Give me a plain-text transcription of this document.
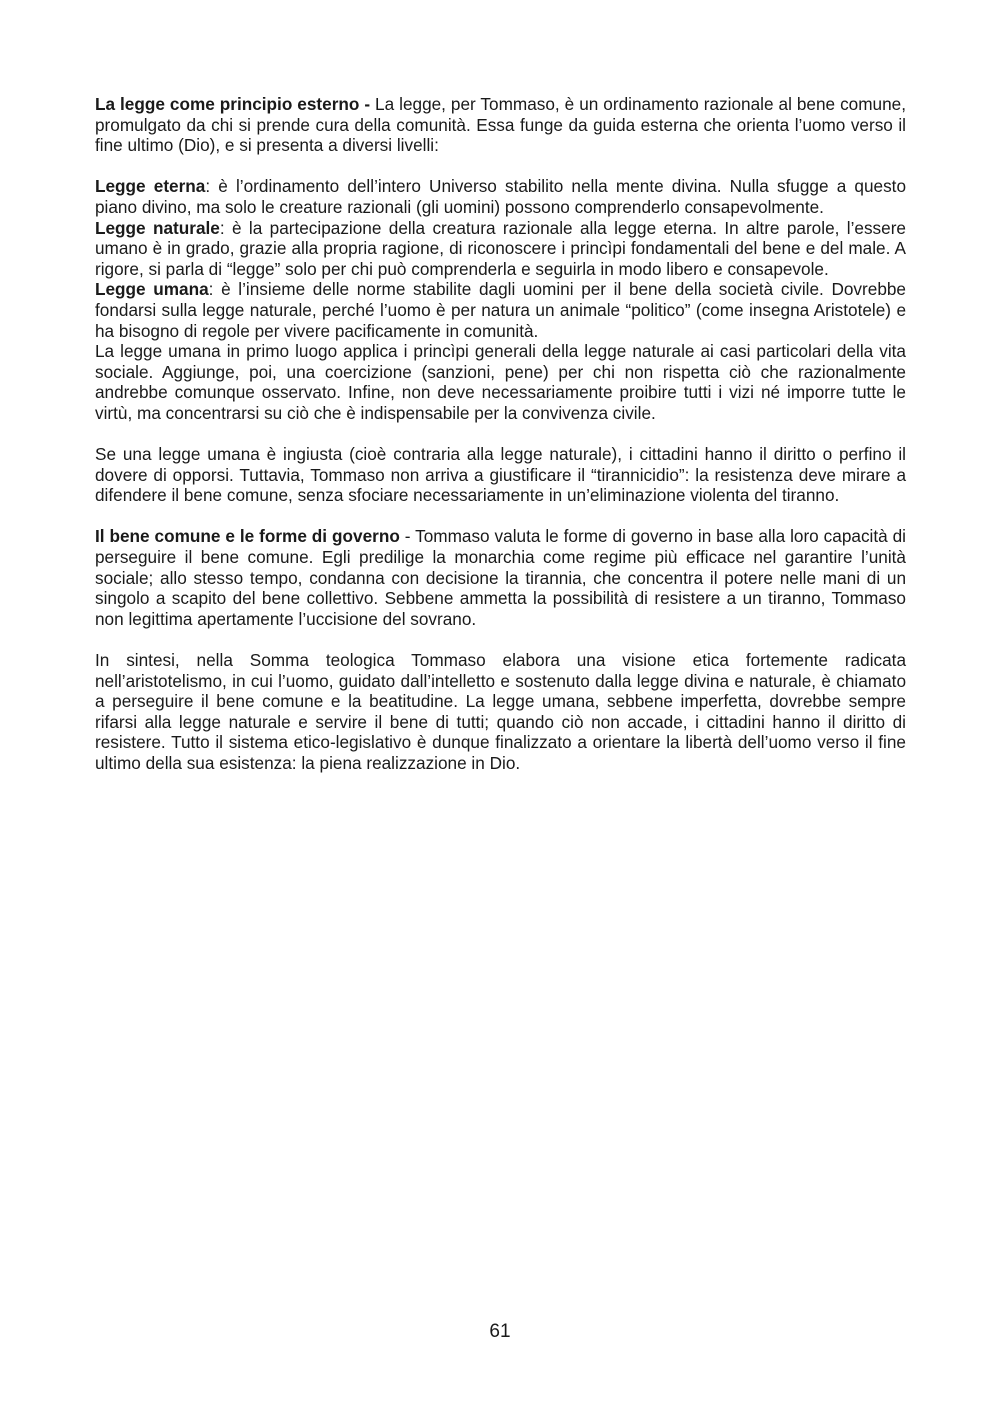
La legge come principio esterno - La legge, per Tommaso, è un ordinamento razionale al bene comune, promulgato da chi si prende cura della comunità. Essa funge da guida esterna che orienta l’uomo verso il fine ultimo (Dio), e si presenta a diversi livelli:

Legge eterna: è l’ordinamento dell’intero Universo stabilito nella mente divina. Nulla sfugge a questo piano divino, ma solo le creature razionali (gli uomini) possono comprenderlo consapevolmente.

Legge naturale: è la partecipazione della creatura razionale alla legge eterna. In altre parole, l’essere umano è in grado, grazie alla propria ragione, di riconoscere i princìpi fondamentali del bene e del male. A rigore, si parla di “legge” solo per chi può comprenderla e seguirla in modo libero e consapevole.

Legge umana: è l’insieme delle norme stabilite dagli uomini per il bene della società civile. Dovrebbe fondarsi sulla legge naturale, perché l’uomo è per natura un animale “politico” (come insegna Aristotele) e ha bisogno di regole per vivere pacificamente in comunità.

La legge umana in primo luogo applica i princìpi generali della legge naturale ai casi particolari della vita sociale. Aggiunge, poi, una coercizione (sanzioni, pene) per chi non rispetta ciò che razionalmente andrebbe comunque osservato. Infine, non deve necessariamente proibire tutti i vizi né imporre tutte le virtù, ma concentrarsi su ciò che è indispensabile per la convivenza civile.

Se una legge umana è ingiusta (cioè contraria alla legge naturale), i cittadini hanno il diritto o perfino il dovere di opporsi. Tuttavia, Tommaso non arriva a giustificare il “tirannicidio”: la resistenza deve mirare a difendere il bene comune, senza sfociare necessariamente in un’eliminazione violenta del tiranno.

Il bene comune e le forme di governo - Tommaso valuta le forme di governo in base alla loro capacità di perseguire il bene comune. Egli predilige la monarchia come regime più efficace nel garantire l’unità sociale; allo stesso tempo, condanna con decisione la tirannia, che concentra il potere nelle mani di un singolo a scapito del bene collettivo. Sebbene ammetta la possibilità di resistere a un tiranno, Tommaso non legittima apertamente l’uccisione del sovrano.

In sintesi, nella Somma teologica Tommaso elabora una visione etica fortemente radicata nell’aristotelismo, in cui l’uomo, guidato dall’intelletto e sostenuto dalla legge divina e naturale, è chiamato a perseguire il bene comune e la beatitudine. La legge umana, sebbene imperfetta, dovrebbe sempre rifarsi alla legge naturale e servire il bene di tutti; quando ciò non accade, i cittadini hanno il diritto di resistere. Tutto il sistema etico-legislativo è dunque finalizzato a orientare la libertà dell’uomo verso il fine ultimo della sua esistenza: la piena realizzazione in Dio.

61
